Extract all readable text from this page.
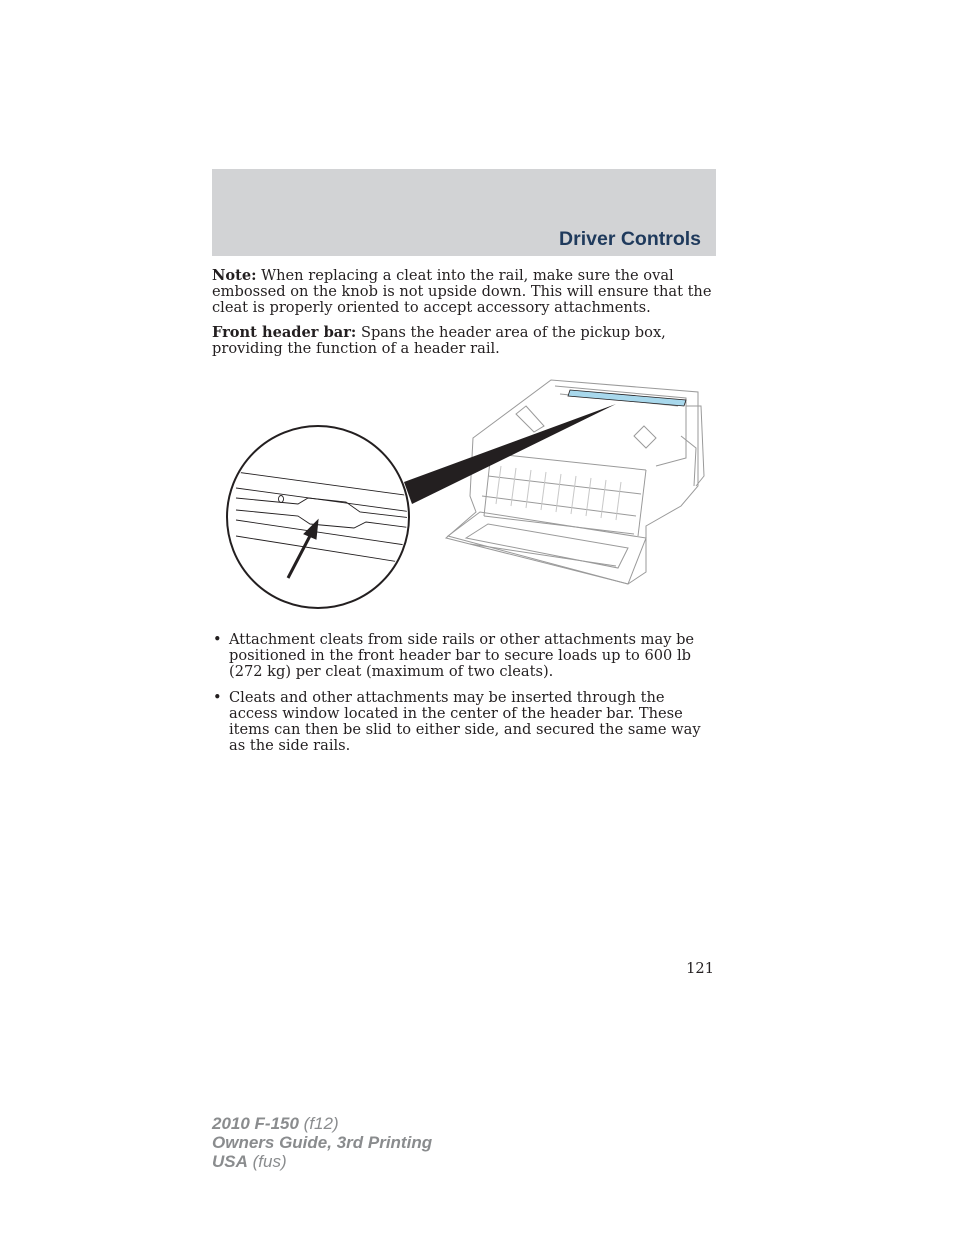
Driver Controls

Note: When replacing a cleat into the rail, make sure the oval embossed on the knob is not upside down. This will ensure that the cleat is properly oriented to accept accessory attachments.

Front header bar: Spans the header area of the pickup box, providing the function of a header rail.

• Attachment cleats from side rails or other attachments may be positioned in the front header bar to secure loads up to 600 lb (272 kg) per cleat (maximum of two cleats).
• Cleats and other attachments may be inserted through the access window located in the center of the header bar. These items can then be slid to either side, and secured the same way as the side rails.
121
2010 F-150 (f12)
Owners Guide, 3rd Printing
USA (fus)
